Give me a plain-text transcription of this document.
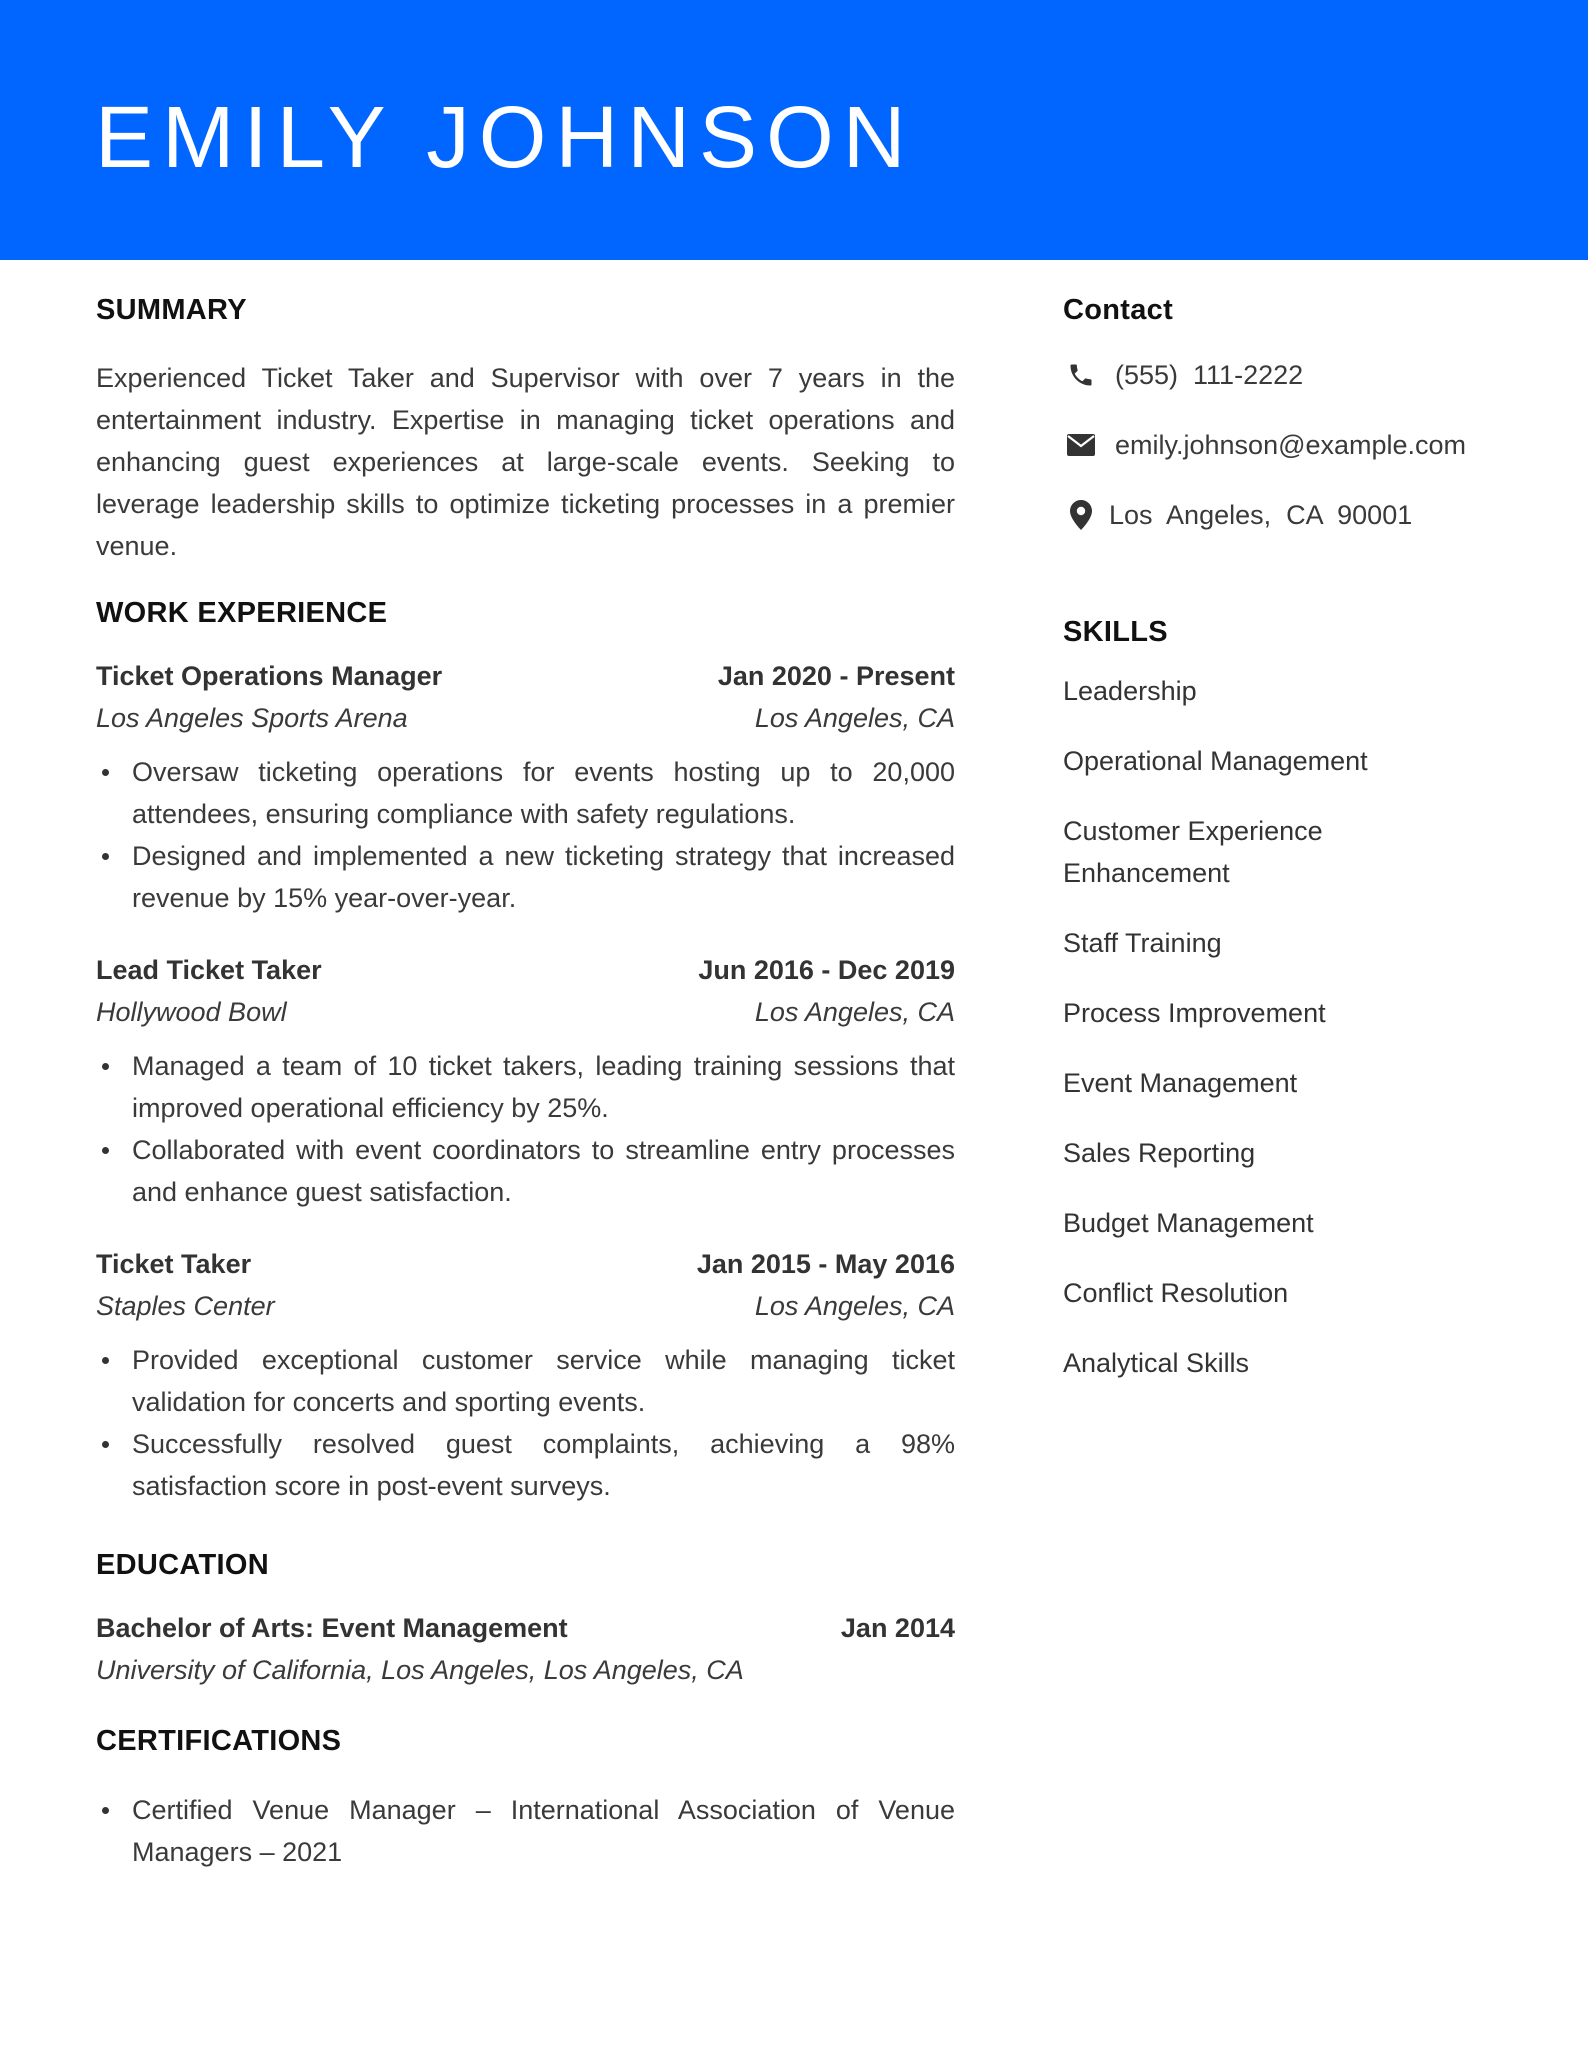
EMILY JOHNSON
SUMMARY

Experienced Ticket Taker and Supervisor with over 7 years in the entertainment industry. Expertise in managing ticket operations and enhancing guest experiences at large-scale events. Seeking to leverage leadership skills to optimize ticketing processes in a premier venue.

WORK EXPERIENCE
Ticket Operations Manager	Jan 2020 - Present
Los Angeles Sports Arena	Los Angeles, CA
Oversaw ticketing operations for events hosting up to 20,000 attendees, ensuring compliance with safety regulations.
Designed and implemented a new ticketing strategy that increased revenue by 15% year-over-year.
Lead Ticket Taker	Jun 2016 - Dec 2019
Hollywood Bowl	Los Angeles, CA
Managed a team of 10 ticket takers, leading training sessions that improved operational efficiency by 25%.
Collaborated with event coordinators to streamline entry processes and enhance guest satisfaction.
Ticket Taker	Jan 2015 - May 2016
Staples Center	Los Angeles, CA
Provided exceptional customer service while managing ticket validation for concerts and sporting events.
Successfully resolved guest complaints, achieving a 98% satisfaction score in post-event surveys.
EDUCATION
Bachelor of Arts: Event Management	Jan 2014
University of California, Los Angeles, Los Angeles, CA
CERTIFICATIONS
Certified Venue Manager – International Association of Venue Managers – 2021
Contact
(555)  111-2222
emily.johnson@example.com
Los  Angeles,  CA  90001
SKILLS
Leadership
Operational Management
Customer Experience Enhancement
Staff Training
Process Improvement
Event Management
Sales Reporting
Budget Management
Conflict Resolution
Analytical Skills
